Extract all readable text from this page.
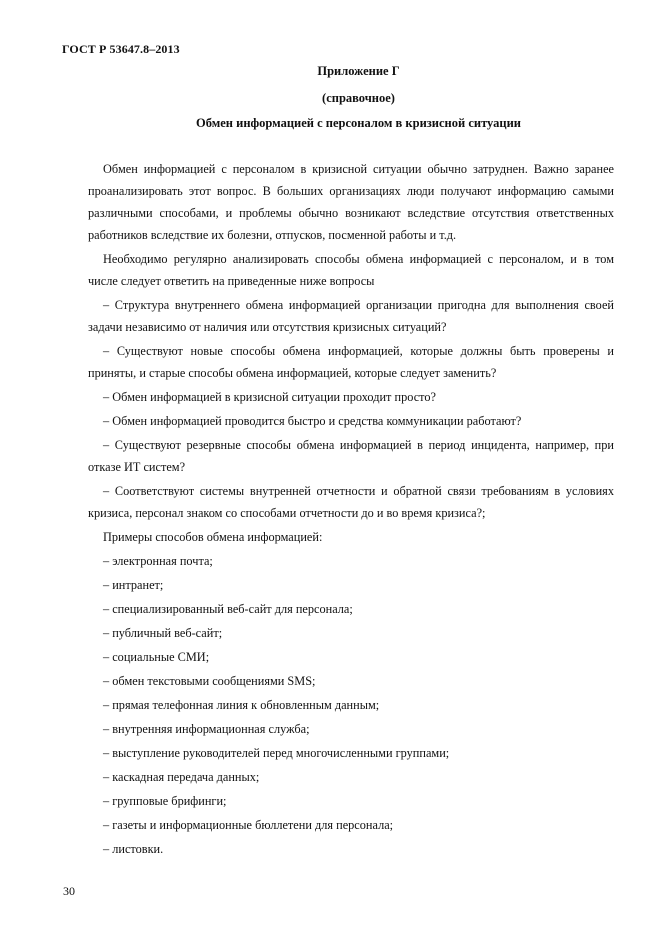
ГОСТ Р 53647.8–2013
Приложение Г
(справочное)
Обмен информацией с персоналом в кризисной ситуации

Обмен информацией с персоналом в кризисной ситуации обычно затруднен. Важно заранее проанализировать этот вопрос. В больших организациях люди получают информацию самыми различными способами, и проблемы обычно возникают вследствие отсутствия ответственных работников вследствие их болезни, отпусков, посменной работы и т.д.

Необходимо регулярно анализировать способы обмена информацией с персоналом, и в том числе следует ответить на приведенные ниже вопросы

– Структура внутреннего обмена информацией организации пригодна для выполнения своей задачи независимо от наличия или отсутствия кризисных ситуаций?

– Существуют новые способы обмена информацией, которые должны быть проверены и приняты, и старые способы обмена информацией, которые следует заменить?

– Обмен информацией в кризисной ситуации проходит просто?

– Обмен информацией проводится быстро и средства коммуникации работают?

– Существуют резервные способы обмена информацией в период инцидента, например, при отказе ИТ систем?

– Соответствуют системы внутренней отчетности и обратной связи требованиям в условиях кризиса, персонал знаком со способами отчетности до и во время кризиса?;

Примеры способов обмена информацией:

– электронная почта;

– интранет;

– специализированный веб-сайт для персонала;

– публичный веб-сайт;

– социальные СМИ;

– обмен текстовыми сообщениями SMS;

– прямая телефонная линия к обновленным данным;

– внутренняя информационная служба;

– выступление руководителей перед многочисленными группами;

– каскадная передача данных;

– групповые брифинги;

– газеты и информационные бюллетени для персонала;

– листовки.

30
